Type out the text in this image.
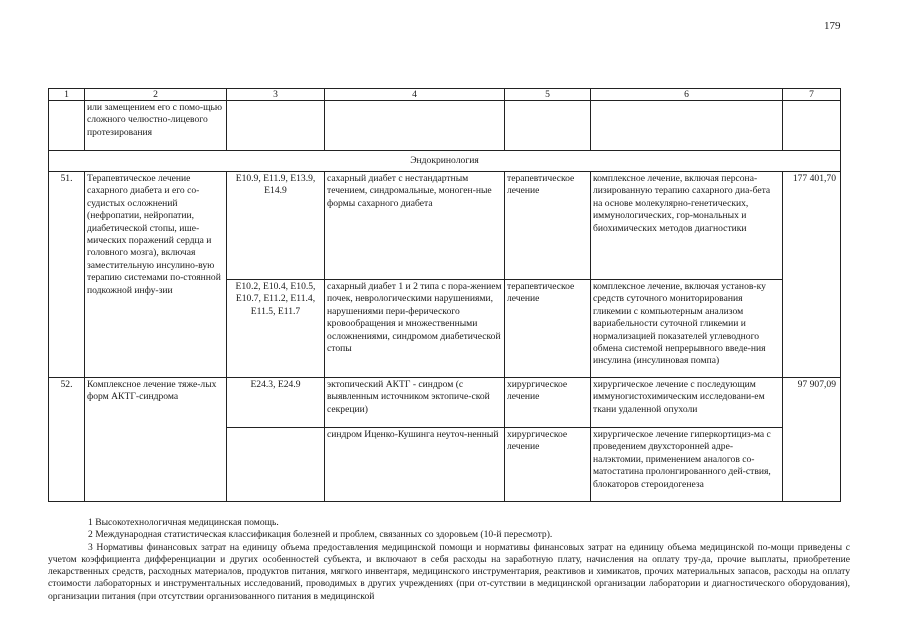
179
1	2	3	4	5	6	7
	или замещением его с помо-щью сложного челюстно-лицевого протезирования					
Эндокринология						
51.	Терапевтическое лечение сахарного диабета и его со-судистых осложнений (нефропатии, нейропатии, диабетической стопы, ише-мических поражений сердца и головного мозга), включая заместительную инсулино-вую терапию системами по-стоянной подкожной инфу-зии	E10.9, E11.9, E13.9, E14.9	сахарный диабет с нестандартным течением, синдромальные, моноген-ные формы сахарного диабета	терапевтическое лечение	комплексное лечение, включая персона-лизированную терапию сахарного диа-бета на основе молекулярно-генетических, иммунологических, гор-мональных и биохимических методов диагностики	177 401,70
		E10.2, E10.4, E10.5, E10.7, E11.2, E11.4, E11.5, E11.7	сахарный диабет 1 и 2 типа с пора-жением почек, неврологическими нарушениями, нарушениями пери-ферического кровообращения и множественными осложнениями, синдромом диабетической стопы	терапевтическое лечение	комплексное лечение, включая установ-ку средств суточного мониторирования гликемии с компьютерным анализом вариабельности суточной гликемии и нормализацией показателей углеводного обмена системой непрерывного введе-ния инсулина (инсулиновая помпа)	
52.	Комплексное лечение тяже-лых форм АКТГ-синдрома	E24.3, E24.9	эктопический АКТГ - синдром (с выявленным источником эктопиче-ской секреции)	хирургическое лечение	хирургическое лечение с последующим иммуногистохимическим исследовани-ем ткани удаленной опухоли	97 907,09
			синдром Иценко-Кушинга неуточ-ненный	хирургическое лечение	хирургическое лечение гиперкортициз-ма с проведением двухсторонней адре-налэктомии, применением аналогов со-матостатина пролонгированного дей-ствия, блокаторов стероидогенеза	

1 Высокотехнологичная медицинская помощь.

2 Международная статистическая классификация болезней и проблем, связанных со здоровьем (10-й пересмотр).

3 Нормативы финансовых затрат на единицу объема предоставления медицинской помощи и нормативы финансовых затрат на единицу объема медицинской по-мощи приведены с учетом коэффициента дифференциации и других особенностей субъекта, и включают в себя расходы на заработную плату, начисления на оплату тру-да, прочие выплаты, приобретение лекарственных средств, расходных материалов, продуктов питания, мягкого инвентаря, медицинского инструментария, реактивов и химикатов, прочих материальных запасов, расходы на оплату стоимости лабораторных и инструментальных исследований, проводимых в других учреждениях (при от-сутствии в медицинской организации лаборатории и диагностического оборудования), организации питания (при отсутствии организованного питания в медицинской
